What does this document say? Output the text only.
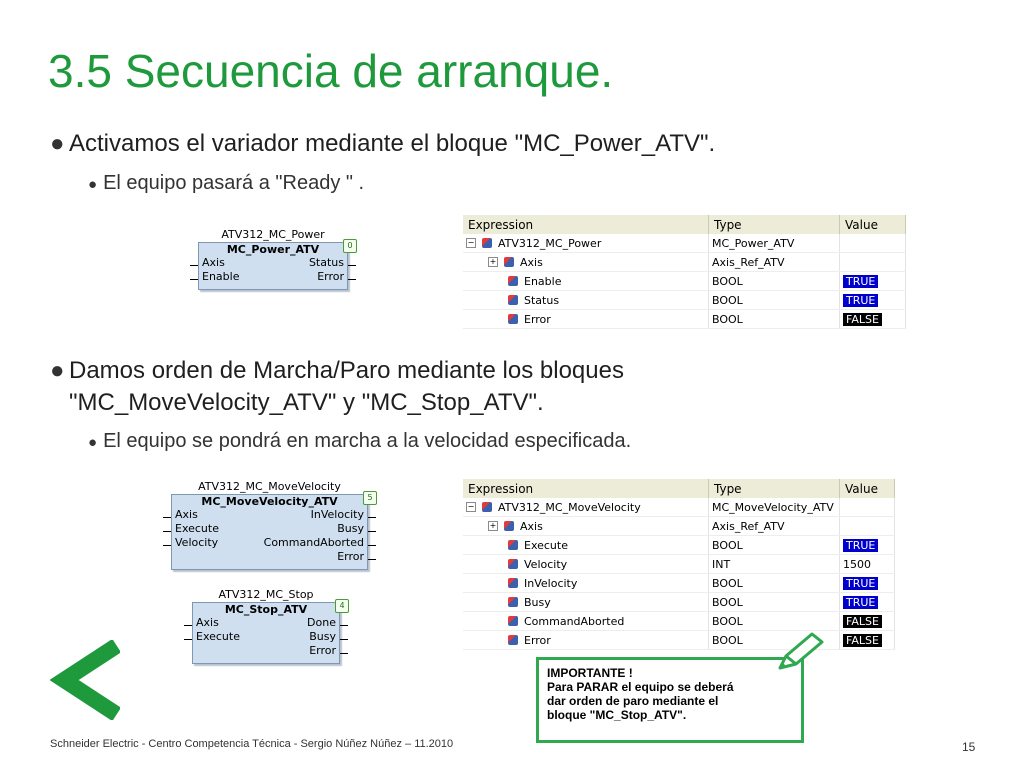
3.5 Secuencia de arranque.
● Activamos el variador mediante el bloque "MC_Power_ATV".
● El equipo pasará a "Ready " .
ATV312_MC_Power
0
MC_Power_ATV
Axis	Status
Enable	Error
Expression	Type	Value

− ATV312_MC_Power	MC_Power_ATV	

+ Axis	Axis_Ref_ATV	

Enable	BOOL	TRUE

Status	BOOL	TRUE

Error	BOOL	FALSE
● Damos orden de Marcha/Paro mediante los bloques "MC_MoveVelocity_ATV" y "MC_Stop_ATV".
● El equipo se pondrá en marcha a la velocidad especificada.
ATV312_MC_MoveVelocity
5
MC_MoveVelocity_ATV
Axis	InVelocity
Execute	Busy
Velocity	CommandAborted
Error
ATV312_MC_Stop
4
MC_Stop_ATV
Axis	Done
Execute	Busy
Error
Expression	Type	Value

− ATV312_MC_MoveVelocity	MC_MoveVelocity_ATV	

+ Axis	Axis_Ref_ATV	

Execute	BOOL	TRUE

Velocity	INT	1500

InVelocity	BOOL	TRUE

Busy	BOOL	TRUE

CommandAborted	BOOL	FALSE

Error	BOOL	FALSE
IMPORTANTE !
Para PARAR el equipo se deberá
dar orden de paro mediante el
bloque "MC_Stop_ATV".
Schneider Electric - Centro Competencia Técnica - Sergio Núñez Núñez – 11.2010	15
